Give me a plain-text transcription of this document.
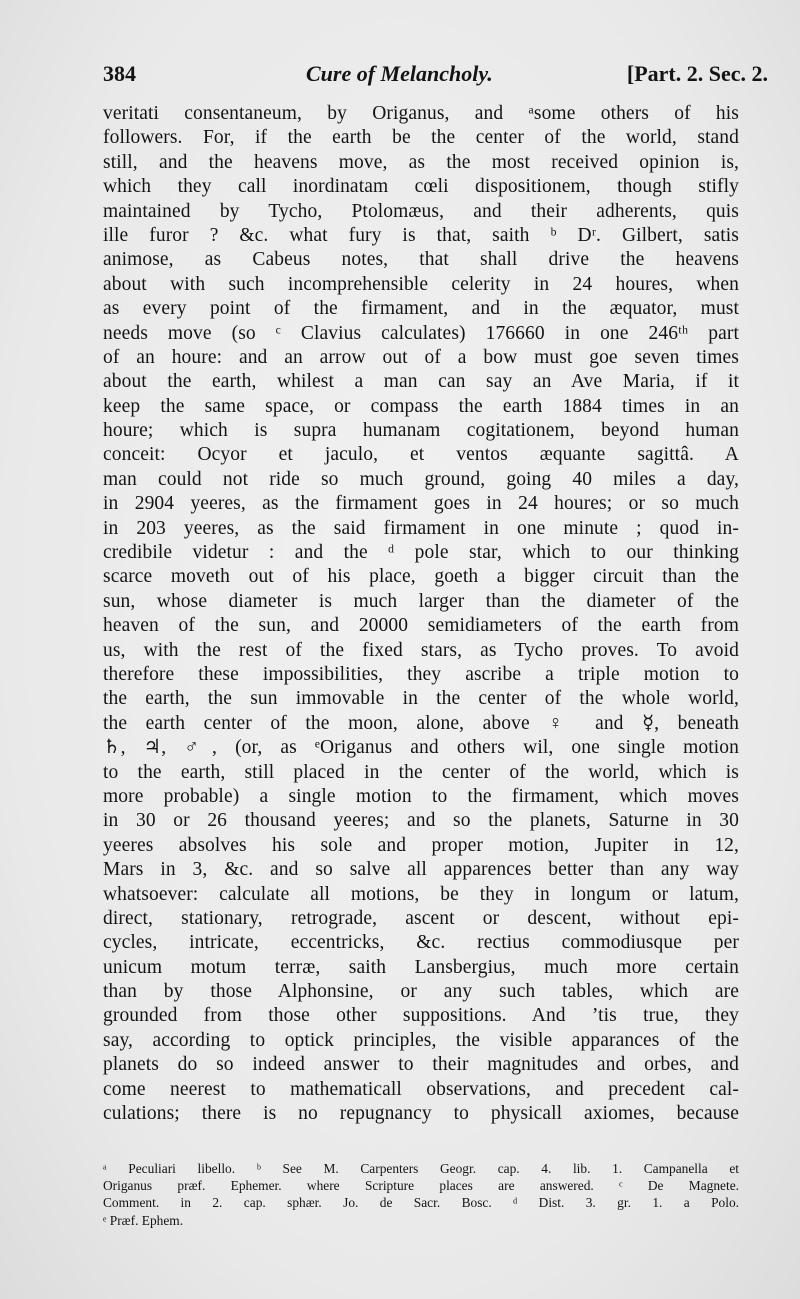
384	Cure of Melancholy.	[Part. 2. Sec. 2.
veritati consentaneum, by Origanus, and ᵃsome others of his
followers. For, if the earth be the center of the world, stand
still, and the heavens move, as the most received opinion is,
which they call inordinatam cœli dispositionem, though stifly
maintained by Tycho, Ptolomæus, and their adherents, quis
ille furor ? &c. what fury is that, saith ᵇ Dʳ. Gilbert, satis
animose, as Cabeus notes, that shall drive the heavens
about with such incomprehensible celerity in 24 houres, when
as every point of the firmament, and in the æquator, must
needs move (so ᶜ Clavius calculates) 176660 in one 246ᵗʰ part
of an houre: and an arrow out of a bow must goe seven times
about the earth, whilest a man can say an Ave Maria, if it
keep the same space, or compass the earth 1884 times in an
houre; which is supra humanam cogitationem, beyond human
conceit: Ocyor et jaculo, et ventos æquante sagittâ. A
man could not ride so much ground, going 40 miles a day,
in 2904 yeeres, as the firmament goes in 24 houres; or so much
in 203 yeeres, as the said firmament in one minute ; quod in-
credibile videtur : and the ᵈ pole star, which to our thinking
scarce moveth out of his place, goeth a bigger circuit than the
sun, whose diameter is much larger than the diameter of the
heaven of the sun, and 20000 semidiameters of the earth from
us, with the rest of the fixed stars, as Tycho proves. To avoid
therefore these impossibilities, they ascribe a triple motion to
the earth, the sun immovable in the center of the whole world,
the earth center of the moon, alone, above ♀ and ☿, beneath
♄, ♃, ♂, (or, as ᵉOriganus and others wil, one single motion
to the earth, still placed in the center of the world, which is
more probable) a single motion to the firmament, which moves
in 30 or 26 thousand yeeres; and so the planets, Saturne in 30
yeeres absolves his sole and proper motion, Jupiter in 12,
Mars in 3, &c. and so salve all apparences better than any way
whatsoever: calculate all motions, be they in longum or latum,
direct, stationary, retrograde, ascent or descent, without epi-
cycles, intricate, eccentricks, &c. rectius commodiusque per
unicum motum terræ, saith Lansbergius, much more certain
than by those Alphonsine, or any such tables, which are
grounded from those other suppositions. And ’tis true, they
say, according to optick principles, the visible apparances of the
planets do so indeed answer to their magnitudes and orbes, and
come neerest to mathematicall observations, and precedent cal-
culations; there is no repugnancy to physicall axiomes, because
ᵃ Peculiari libello. ᵇ See M. Carpenters Geogr. cap. 4. lib. 1. Campanella et
Origanus præf. Ephemer. where Scripture places are answered. ᶜ De Magnete.
Comment. in 2. cap. sphær. Jo. de Sacr. Bosc. ᵈ Dist. 3. gr. 1. a Polo.
ᵉ Præf. Ephem.
